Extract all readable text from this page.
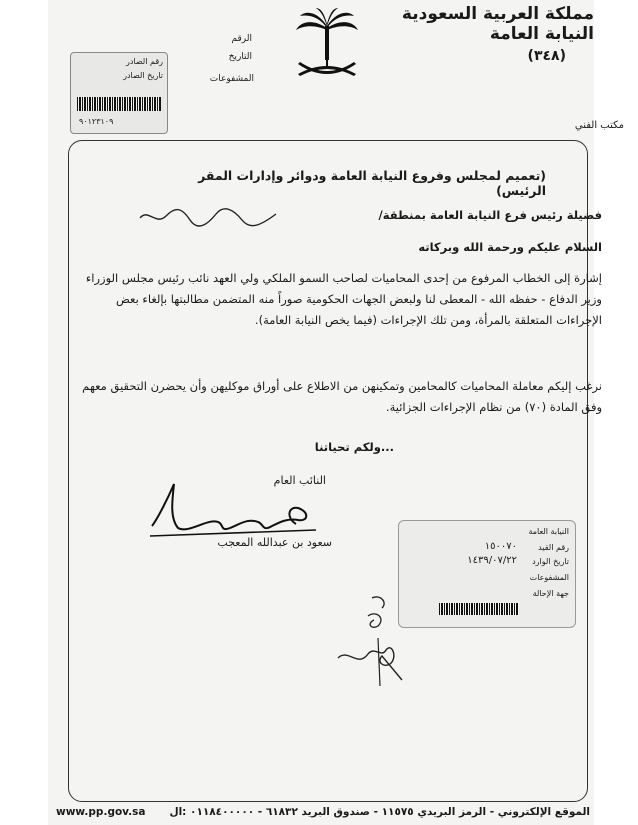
مملكة العربية السعودية
النيابة العامة
(٣٤٨)
الرقم
التاريخ
المشفوعات
رقم الصادر
تاريخ الصادر
٩٠١٢٣١٠٩	مكتب الفني
(تعميم لمجلس وفروع النيابة العامة ودوائر وإدارات المقر الرئيس)
فضيلة رئيس فرع النيابة العامة بمنطقة/
السلام عليكم ورحمة الله وبركاته
إشارة إلى الخطاب المرفوع من إحدى المحاميات لصاحب السمو الملكي ولي العهد نائب رئيس مجلس الوزراء وزير الدفاع - حفظه الله - المعطى لنا ولبعض الجهات الحكومية صوراً منه المتضمن مطالبتها بإلغاء بعض الإجراءات المتعلقة بالمرأة، ومن تلك الإجراءات (فيما يخص النيابة العامة).
نرغب إليكم معاملة المحاميات كالمحامين وتمكينهن من الاطلاع على أوراق موكليهن وأن يحضرن التحقيق معهم وفق المادة (٧٠) من نظام الإجراءات الجزائية.
ولكم تحياتنا...
النائب العام
سعود بن عبدالله المعجب
النيابة العامة
رقم القيد
١٥٠٠٧٠
تاريخ الوارد
١٤٣٩/٠٧/٢٢
المشفوعات
جهة الإحالة
www.pp.gov.sa	الموقع الإلكتروني - الرمز البريدي ١١٥٧٥ - صندوق البريد ٦١٨٣٢ - ٠١١٨٤٠٠٠٠٠ :ال
